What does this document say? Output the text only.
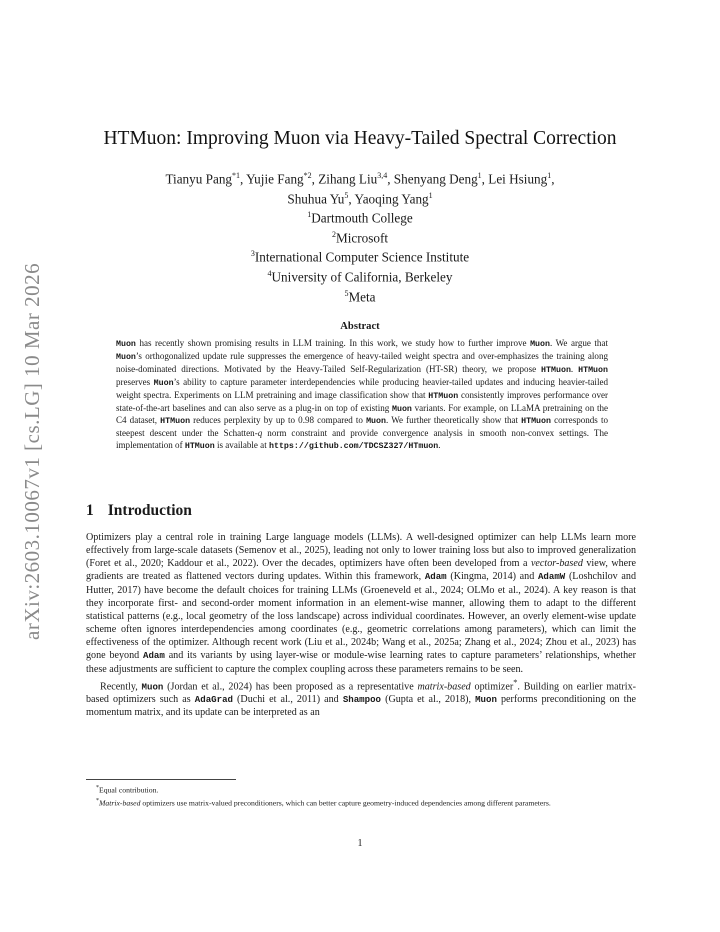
arXiv:2603.10067v1 [cs.LG] 10 Mar 2026
HTMuon: Improving Muon via Heavy-Tailed Spectral Correction
Tianyu Pang$^{*1}$, Yujie Fang$^{*2}$, Zihang Liu$^{3,4}$, Shenyang Deng$^1$, Lei Hsiung$^1$,
Shuhua Yu$^5$, Yaoqing Yang$^1$
$^1$Dartmouth College
$^2$Microsoft
$^3$International Computer Science Institute
$^4$University of California, Berkeley
$^5$Meta
Abstract
Muon has recently shown promising results in LLM training. In this work, we study how to further improve Muon. We argue that Muon’s orthogonalized update rule suppresses the emergence of heavy-tailed weight spectra and over-emphasizes the training along noise-dominated directions. Motivated by the Heavy-Tailed Self-Regularization (HT-SR) theory, we propose HTMuon. HTMuon preserves Muon’s ability to capture parameter interdependencies while producing heavier-tailed updates and inducing heavier-tailed weight spectra. Experiments on LLM pretraining and image classification show that HTMuon consistently improves performance over state-of-the-art baselines and can also serve as a plug-in on top of existing Muon variants. For example, on LLaMA pretraining on the C4 dataset, HTMuon reduces perplexity by up to 0.98 compared to Muon. We further theoretically show that HTMuon corresponds to steepest descent under the Schatten-q norm constraint and provide convergence analysis in smooth non-convex settings. The implementation of HTMuon is available at https://github.com/TDCSZ327/HTmuon.
1 Introduction

Optimizers play a central role in training Large language models (LLMs). A well-designed optimizer can help LLMs learn more effectively from large-scale datasets (Semenov et al., 2025), leading not only to lower training loss but also to improved generalization (Foret et al., 2020; Kaddour et al., 2022). Over the decades, optimizers have often been developed from a vector-based view, where gradients are treated as flattened vectors during updates. Within this framework, Adam (Kingma, 2014) and AdamW (Loshchilov and Hutter, 2017) have become the default choices for training LLMs (Groeneveld et al., 2024; OLMo et al., 2024). A key reason is that they incorporate first- and second-order moment information in an element-wise manner, allowing them to adapt to the different statistical patterns (e.g., local geometry of the loss landscape) across individual coordinates. However, an overly element-wise update scheme often ignores interdependencies among coordinates (e.g., geometric correlations among parameters), which can limit the effectiveness of the optimizer. Although recent work (Liu et al., 2024b; Wang et al., 2025a; Zhang et al., 2024; Zhou et al., 2023) has gone beyond Adam and its variants by using layer-wise or module-wise learning rates to capture parameters’ relationships, whether these adjustments are sufficient to capture the complex coupling across these parameters remains to be seen.

Recently, Muon (Jordan et al., 2024) has been proposed as a representative matrix-based optimizer*. Building on earlier matrix-based optimizers such as AdaGrad (Duchi et al., 2011) and Shampoo (Gupta et al., 2018), Muon performs preconditioning on the momentum matrix, and its update can be interpreted as an

*Equal contribution.

*Matrix-based optimizers use matrix-valued preconditioners, which can better capture geometry-induced dependencies among different parameters.

1
